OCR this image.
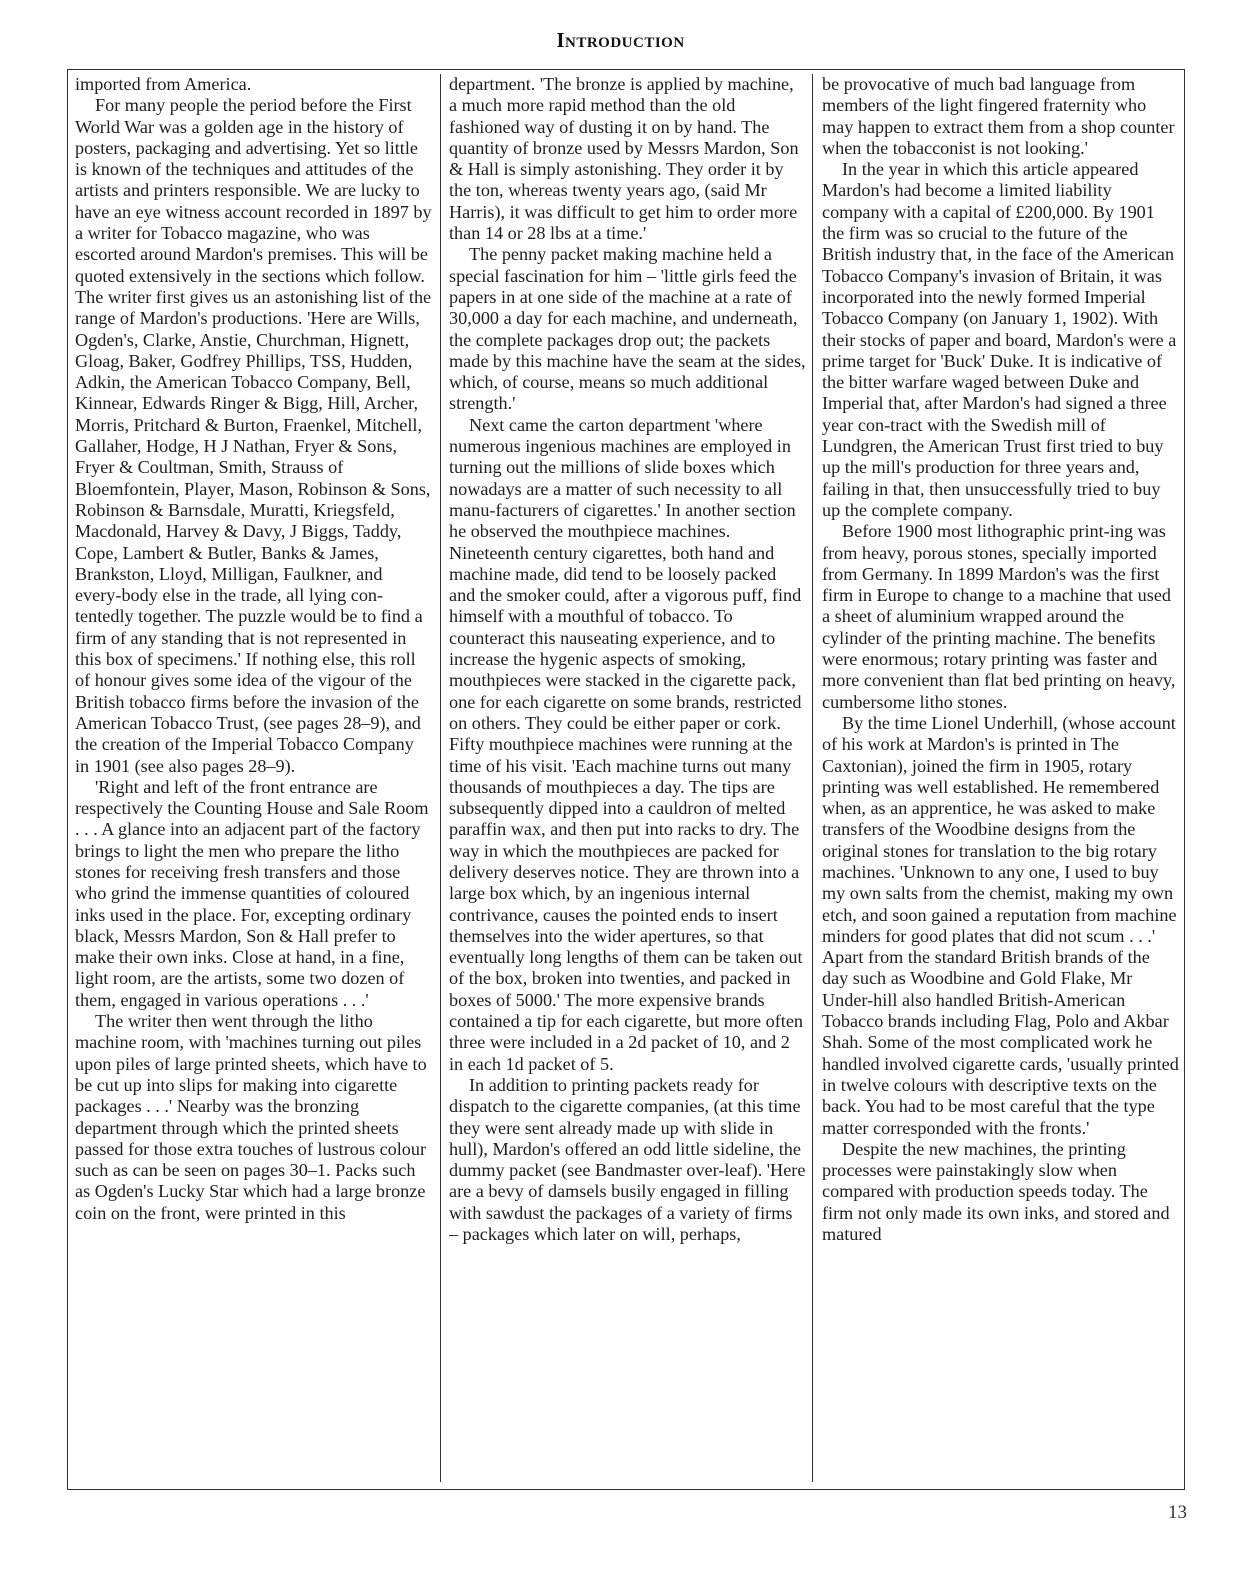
Introduction

imported from America.

For many people the period before the First World War was a golden age in the history of posters, packaging and advertising. Yet so little is known of the techniques and attitudes of the artists and printers responsible. We are lucky to have an eye witness account recorded in 1897 by a writer for Tobacco magazine, who was escorted around Mardon's premises. This will be quoted extensively in the sections which follow. The writer first gives us an astonishing list of the range of Mardon's productions. 'Here are Wills, Ogden's, Clarke, Anstie, Churchman, Hignett, Gloag, Baker, Godfrey Phillips, TSS, Hudden, Adkin, the American Tobacco Company, Bell, Kinnear, Edwards Ringer & Bigg, Hill, Archer, Morris, Pritchard & Burton, Fraenkel, Mitchell, Gallaher, Hodge, H J Nathan, Fryer & Sons, Fryer & Coultman, Smith, Strauss of Bloemfontein, Player, Mason, Robinson & Sons, Robinson & Barnsdale, Muratti, Kriegsfeld, Macdonald, Harvey & Davy, J Biggs, Taddy, Cope, Lambert & Butler, Banks & James, Brankston, Lloyd, Milligan, Faulkner, and every-body else in the trade, all lying con-tentedly together. The puzzle would be to find a firm of any standing that is not represented in this box of specimens.' If nothing else, this roll of honour gives some idea of the vigour of the British tobacco firms before the invasion of the American Tobacco Trust, (see pages 28–9), and the creation of the Imperial Tobacco Company in 1901 (see also pages 28–9).

'Right and left of the front entrance are respectively the Counting House and Sale Room . . . A glance into an adjacent part of the factory brings to light the men who prepare the litho stones for receiving fresh transfers and those who grind the immense quantities of coloured inks used in the place. For, excepting ordinary black, Messrs Mardon, Son & Hall prefer to make their own inks. Close at hand, in a fine, light room, are the artists, some two dozen of them, engaged in various operations . . .'

The writer then went through the litho machine room, with 'machines turning out piles upon piles of large printed sheets, which have to be cut up into slips for making into cigarette packages . . .' Nearby was the bronzing department through which the printed sheets passed for those extra touches of lustrous colour such as can be seen on pages 30–1. Packs such as Ogden's Lucky Star which had a large bronze coin on the front, were printed in this

department. 'The bronze is applied by machine, a much more rapid method than the old fashioned way of dusting it on by hand. The quantity of bronze used by Messrs Mardon, Son & Hall is simply astonishing. They order it by the ton, whereas twenty years ago, (said Mr Harris), it was difficult to get him to order more than 14 or 28 lbs at a time.'

The penny packet making machine held a special fascination for him – 'little girls feed the papers in at one side of the machine at a rate of 30,000 a day for each machine, and underneath, the complete packages drop out; the packets made by this machine have the seam at the sides, which, of course, means so much additional strength.'

Next came the carton department 'where numerous ingenious machines are employed in turning out the millions of slide boxes which nowadays are a matter of such necessity to all manu-facturers of cigarettes.' In another section he observed the mouthpiece machines. Nineteenth century cigarettes, both hand and machine made, did tend to be loosely packed and the smoker could, after a vigorous puff, find himself with a mouthful of tobacco. To counteract this nauseating experience, and to increase the hygenic aspects of smoking, mouthpieces were stacked in the cigarette pack, one for each cigarette on some brands, restricted on others. They could be either paper or cork. Fifty mouthpiece machines were running at the time of his visit. 'Each machine turns out many thousands of mouthpieces a day. The tips are subsequently dipped into a cauldron of melted paraffin wax, and then put into racks to dry. The way in which the mouthpieces are packed for delivery deserves notice. They are thrown into a large box which, by an ingenious internal contrivance, causes the pointed ends to insert themselves into the wider apertures, so that eventually long lengths of them can be taken out of the box, broken into twenties, and packed in boxes of 5000.' The more expensive brands contained a tip for each cigarette, but more often three were included in a 2d packet of 10, and 2 in each 1d packet of 5.

In addition to printing packets ready for dispatch to the cigarette companies, (at this time they were sent already made up with slide in hull), Mardon's offered an odd little sideline, the dummy packet (see Bandmaster over-leaf). 'Here are a bevy of damsels busily engaged in filling with sawdust the packages of a variety of firms – packages which later on will, perhaps,

be provocative of much bad language from members of the light fingered fraternity who may happen to extract them from a shop counter when the tobacconist is not looking.'

In the year in which this article appeared Mardon's had become a limited liability company with a capital of £200,000. By 1901 the firm was so crucial to the future of the British industry that, in the face of the American Tobacco Company's invasion of Britain, it was incorporated into the newly formed Imperial Tobacco Company (on January 1, 1902). With their stocks of paper and board, Mardon's were a prime target for 'Buck' Duke. It is indicative of the bitter warfare waged between Duke and Imperial that, after Mardon's had signed a three year con-tract with the Swedish mill of Lundgren, the American Trust first tried to buy up the mill's production for three years and, failing in that, then unsuccessfully tried to buy up the complete company.

Before 1900 most lithographic print-ing was from heavy, porous stones, specially imported from Germany. In 1899 Mardon's was the first firm in Europe to change to a machine that used a sheet of aluminium wrapped around the cylinder of the printing machine. The benefits were enormous; rotary printing was faster and more convenient than flat bed printing on heavy, cumbersome litho stones.

By the time Lionel Underhill, (whose account of his work at Mardon's is printed in The Caxtonian), joined the firm in 1905, rotary printing was well established. He remembered when, as an apprentice, he was asked to make transfers of the Woodbine designs from the original stones for translation to the big rotary machines. 'Unknown to any one, I used to buy my own salts from the chemist, making my own etch, and soon gained a reputation from machine minders for good plates that did not scum . . .' Apart from the standard British brands of the day such as Woodbine and Gold Flake, Mr Under-hill also handled British-American Tobacco brands including Flag, Polo and Akbar Shah. Some of the most complicated work he handled involved cigarette cards, 'usually printed in twelve colours with descriptive texts on the back. You had to be most careful that the type matter corresponded with the fronts.'

Despite the new machines, the printing processes were painstakingly slow when compared with production speeds today. The firm not only made its own inks, and stored and matured

13
